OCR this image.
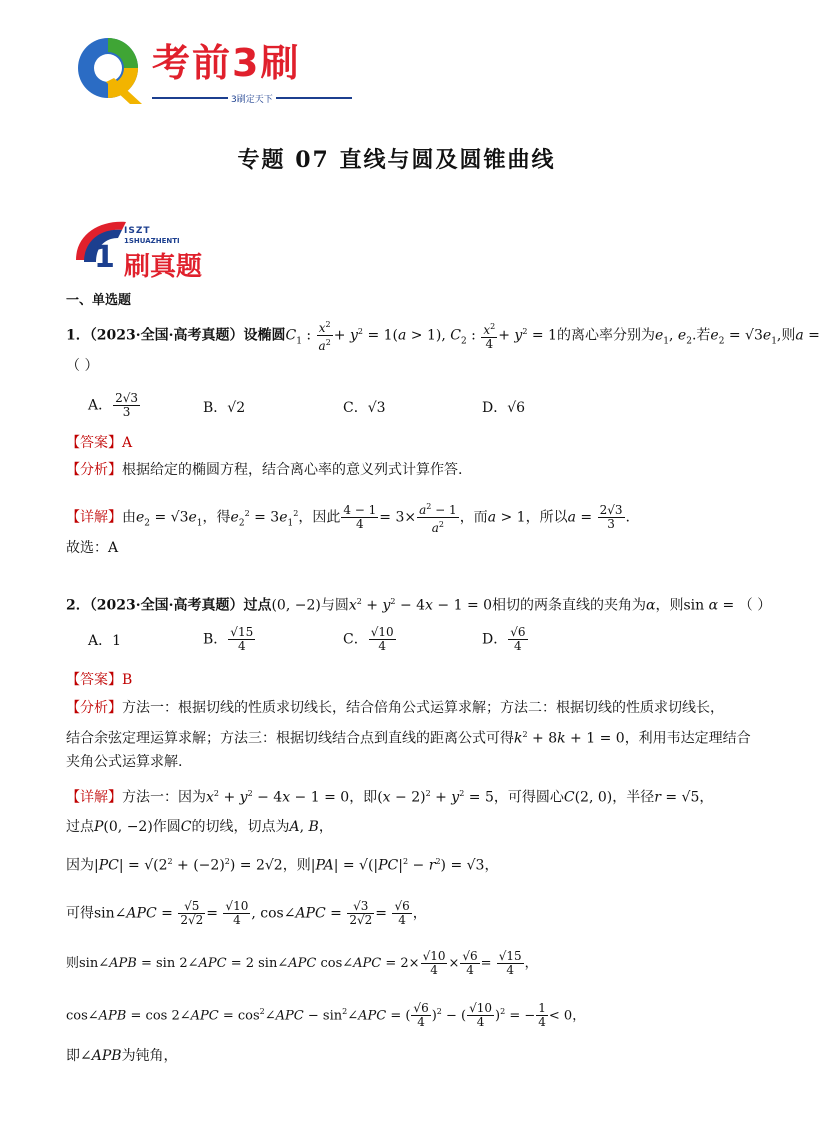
考前3刷
3刷定天下
专题 07 直线与圆及圆锥曲线
1
ISZT
1SHUAZHENTI
刷真题
一、单选题
1．（2023·全国·高考真题）设椭圆$C_1$ : $\frac{x^2}{a^2} + y^2 = 1(a > 1)$, $C_2$ : $\frac{x^2}{4} + y^2 = 1$的离心率分别为$e_1$, $e_2$.若$e_2 = √3e_1$,则a =
（ ）
A． $\frac{2√3}{3}$	B．√2	C．√3	D．√6
【答案】A
【分析】根据给定的椭圆方程，结合离心率的意义列式计算作答.
【详解】由$e_2 = √3e_1$，得$e_2^2 = 3e_1^2$，因此 $\frac{4 - 1}{4} = 3\times \frac{a^2 - 1}{a^2}$ ，而a > 1，所以$a = \frac{2√3}{3}$ .
故选：A
2．（2023·全国·高考真题）过点(0, −2)与圆$x^2 + y^2 - 4x - 1 = 0$相切的两条直线的夹角为α，则sin α = （ ）
A．1	B． $\frac{√15}{4}$	C． $\frac{√10}{4}$	D． $\frac{√6}{4}$
【答案】B
【分析】方法一：根据切线的性质求切线长，结合倍角公式运算求解；方法二：根据切线的性质求切线长，
结合余弦定理运算求解；方法三：根据切线结合点到直线的距离公式可得$k^2 + 8k + 1 = 0$，利用韦达定理结合
夹角公式运算求解.
【详解】方法一：因为$x^2 + y^2 - 4x - 1 = 0$，即$(x - 2)^2 + y^2 = 5$，可得圆心C(2, 0)，半径r = √5，
过点P(0, −2)作圆C的切线，切点为A, B，
因为$|PC| = √(2^2 + (-2)^2) = 2√2$，则$|PA| = √(|PC|^2 - r^2) = √3$，
可得sin∠APC = $\frac{√5}{2√2} = \frac{√10}{4}$ , cos∠APC = $\frac{√3}{2√2} = \frac{√6}{4}$ ，
则sin∠APB = sin 2∠APC = 2 sin∠APC cos∠APC = $2\times \frac{√10}{4} \times \frac{√6}{4} = \frac{√15}{4}$ ，
cos∠APB = cos 2∠APC = $\cos^2\angle APC$ − $\sin^2\angle APC$ = ( $\frac{√6}{4} )^2$ − ( $\frac{√10}{4} )^2$ = − $\frac{1}{4} < 0$，
即∠APB为钝角，
